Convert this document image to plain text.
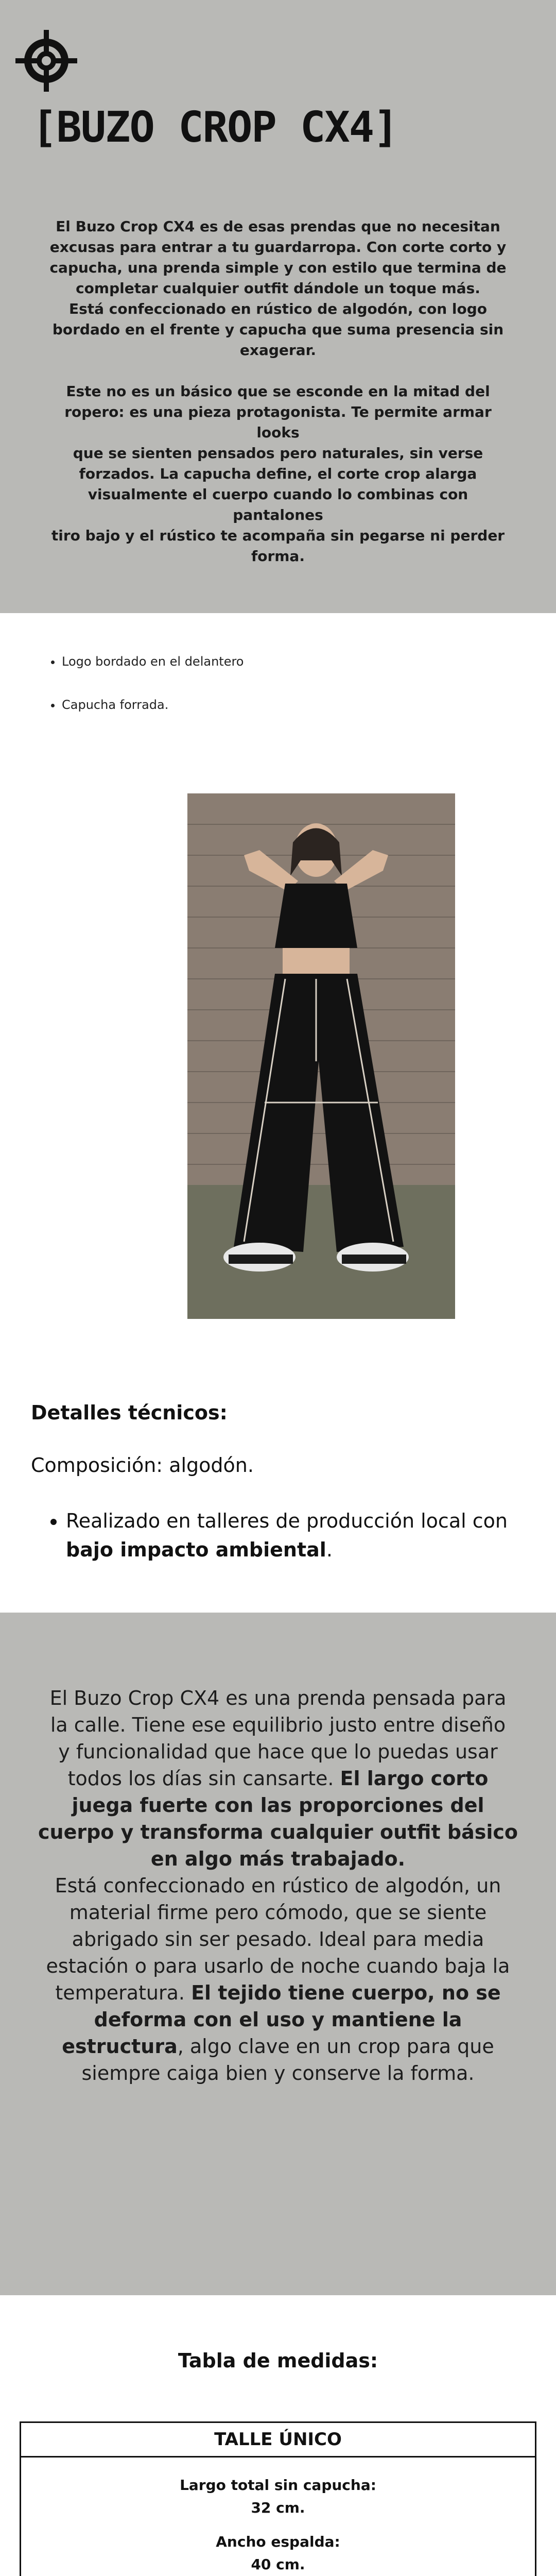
[BUZO CROP CX4]

El Buzo Crop CX4 es de esas prendas que no necesitan
excusas para entrar a tu guardarropa. Con corte corto y
capucha, una prenda simple y con estilo que termina de
completar cualquier outfit dándole un toque más.
Está confeccionado en rústico de algodón, con logo
bordado en el frente y capucha que suma presencia sin
exagerar.

Este no es un básico que se esconde en la mitad del
ropero: es una pieza protagonista. Te permite armar looks
que se sienten pensados pero naturales, sin verse
forzados. La capucha define, el corte crop alarga
visualmente el cuerpo cuando lo combinas con pantalones
tiro bajo y el rústico te acompaña sin pegarse ni perder
forma.

• Logo bordado en el delantero
• Capucha forrada.
Detalles técnicos:

Composición: algodón.

• Realizado en talleres de producción local con bajo impacto ambiental.

El Buzo Crop CX4 es una prenda pensada para
la calle. Tiene ese equilibrio justo entre diseño
y funcionalidad que hace que lo puedas usar
todos los días sin cansarte. El largo corto
juega fuerte con las proporciones del
cuerpo y transforma cualquier outfit básico
en algo más trabajado.
Está confeccionado en rústico de algodón, un
material firme pero cómodo, que se siente
abrigado sin ser pesado. Ideal para media
estación o para usarlo de noche cuando baja la
temperatura. El tejido tiene cuerpo, no se
deforma con el uso y mantiene la
estructura, algo clave en un crop para que
siempre caiga bien y conserve la forma.

Tabla de medidas:
TALLE ÚNICO

Largo total sin capucha:
32 cm.

Ancho espalda:
40 cm.
